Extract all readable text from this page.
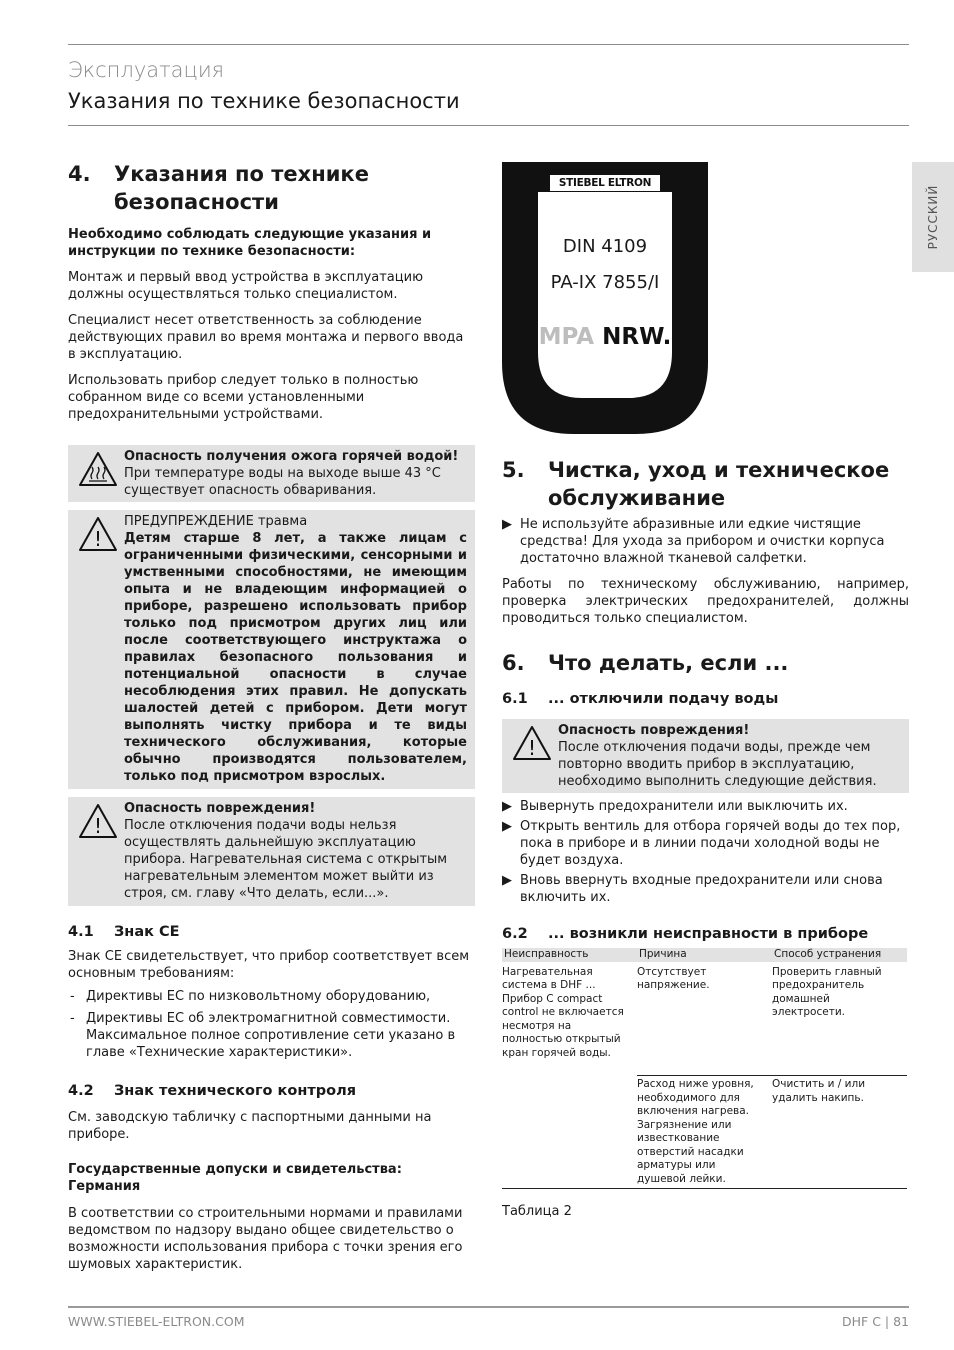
Эксплуатация
Указания по технике безопасности
РУССКИЙ
4. Указания по технике безопасности

Необходимо соблюдать следующие указания и инструкции по технике безопасности:

Монтаж и первый ввод устройства в эксплуатацию должны осуществляться только специалистом.

Специалист несет ответственность за соблюдение действующих правил во время монтажа и первого ввода в эксплуатацию.

Использовать прибор следует только в полностью собранном виде со всеми установленными предохранительными устройствами.

Опасность получения ожога горячей водой!

При температуре воды на выходе выше 43 °C существует опасность обваривания.

!

ПРЕДУПРЕЖДЕНИЕ травма

Детям старше 8 лет, а также лицам с ограниченными физическими, сенсорными и умственными способностями, не имеющим опыта и не владеющим информацией о приборе, разрешено использовать прибор только под присмотром других лиц или после соответствующего инструктажа о правилах безопасного пользования и потенциальной опасности в случае несоблюдения этих правил. Не допускать шалостей детей с прибором. Дети могут выполнять чистку прибора и те виды технического обслуживания, которые обычно производятся пользователем, только под присмотром взрослых.

!

Опасность повреждения!

После отключения подачи воды нельзя осуществлять дальнейшую эксплуатацию прибора. Нагревательная система с открытым нагревательным элементом может выйти из строя, см. главу «Что делать, если...».

4.1 Знак CE

Знак CE свидетельствует, что прибор соответствует всем основным требованиям:

- Директивы ЕС по низковольтному оборудованию,
- Директивы ЕС об электромагнитной совместимости. Максимальное полное сопротивление сети указано в главе «Технические характеристики».
4.2 Знак технического контроля

См. заводскую табличку с паспортными данными на приборе.

Государственные допуски и свидетельства: Германия

В соответствии со строительными нормами и правилами ведомством по надзору выдано общее свидетельство о возможности использования прибора с точки зрения его шумовых характеристик.

STIEBEL ELTRON
DIN 4109
PA-IX 7855/I
MPA NRW.
5. Чистка, уход и техническое обслуживание
▶ Не используйте абразивные или едкие чистящие средства! Для ухода за прибором и очистки корпуса достаточно влажной тканевой салфетки.

Работы по техническому обслуживанию, например, проверка электрических предохранителей, должны проводиться только специалистом.

6. Что делать, если ...
6.1 ... отключили подачу воды
!

Опасность повреждения!

После отключения подачи воды, прежде чем повторно вводить прибор в эксплуатацию, необходимо выполнить следующие действия.

▶ Вывернуть предохранители или выключить их.
▶ Открыть вентиль для отбора горячей воды до тех пор, пока в приборе и в линии подачи холодной воды не будет воздуха.
▶ Вновь ввернуть входные предохранители или снова включить их.
6.2 ... возникли неисправности в приборе
Неисправность	Причина	Способ устранения
Нагревательная система в DHF ... Прибор C compact control не включается несмотря на полностью открытый кран горячей воды.	Отсутствует напряжение.	Проверить главный предохранитель домашней электросети.
	Расход ниже уровня, необходимого для включения нагрева. Загрязнение или известкование отверстий насадки арматуры или душевой лейки.	Очистить и / или удалить накипь.

Таблица 2

WWW.STIEBEL-ELTRON.COM	DHF C | 81
